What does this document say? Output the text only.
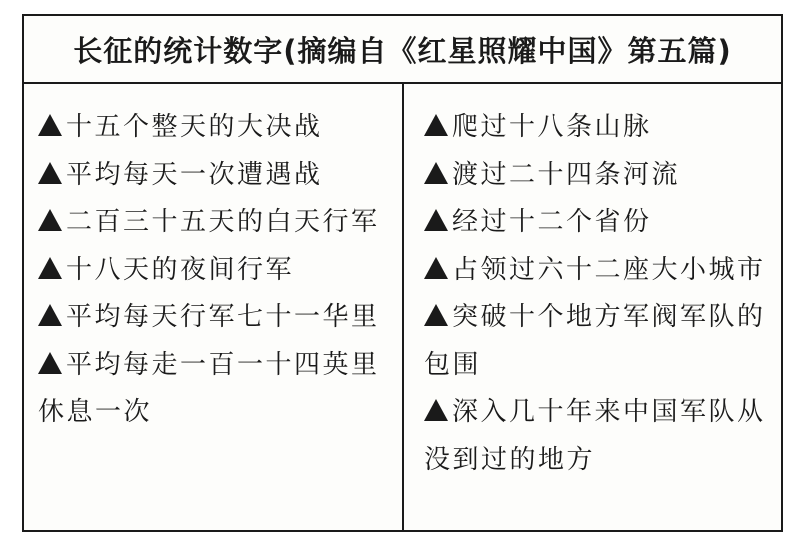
长征的统计数字(摘编自《红星照耀中国》第五篇)
十五个整天的大决战
平均每天一次遭遇战
二百三十五天的白天行军
十八天的夜间行军
平均每天行军七十一华里
平均每走一百一十四英里休息一次
爬过十八条山脉
渡过二十四条河流
经过十二个省份
占领过六十二座大小城市
突破十个地方军阀军队的包围
深入几十年来中国军队从没到过的地方
